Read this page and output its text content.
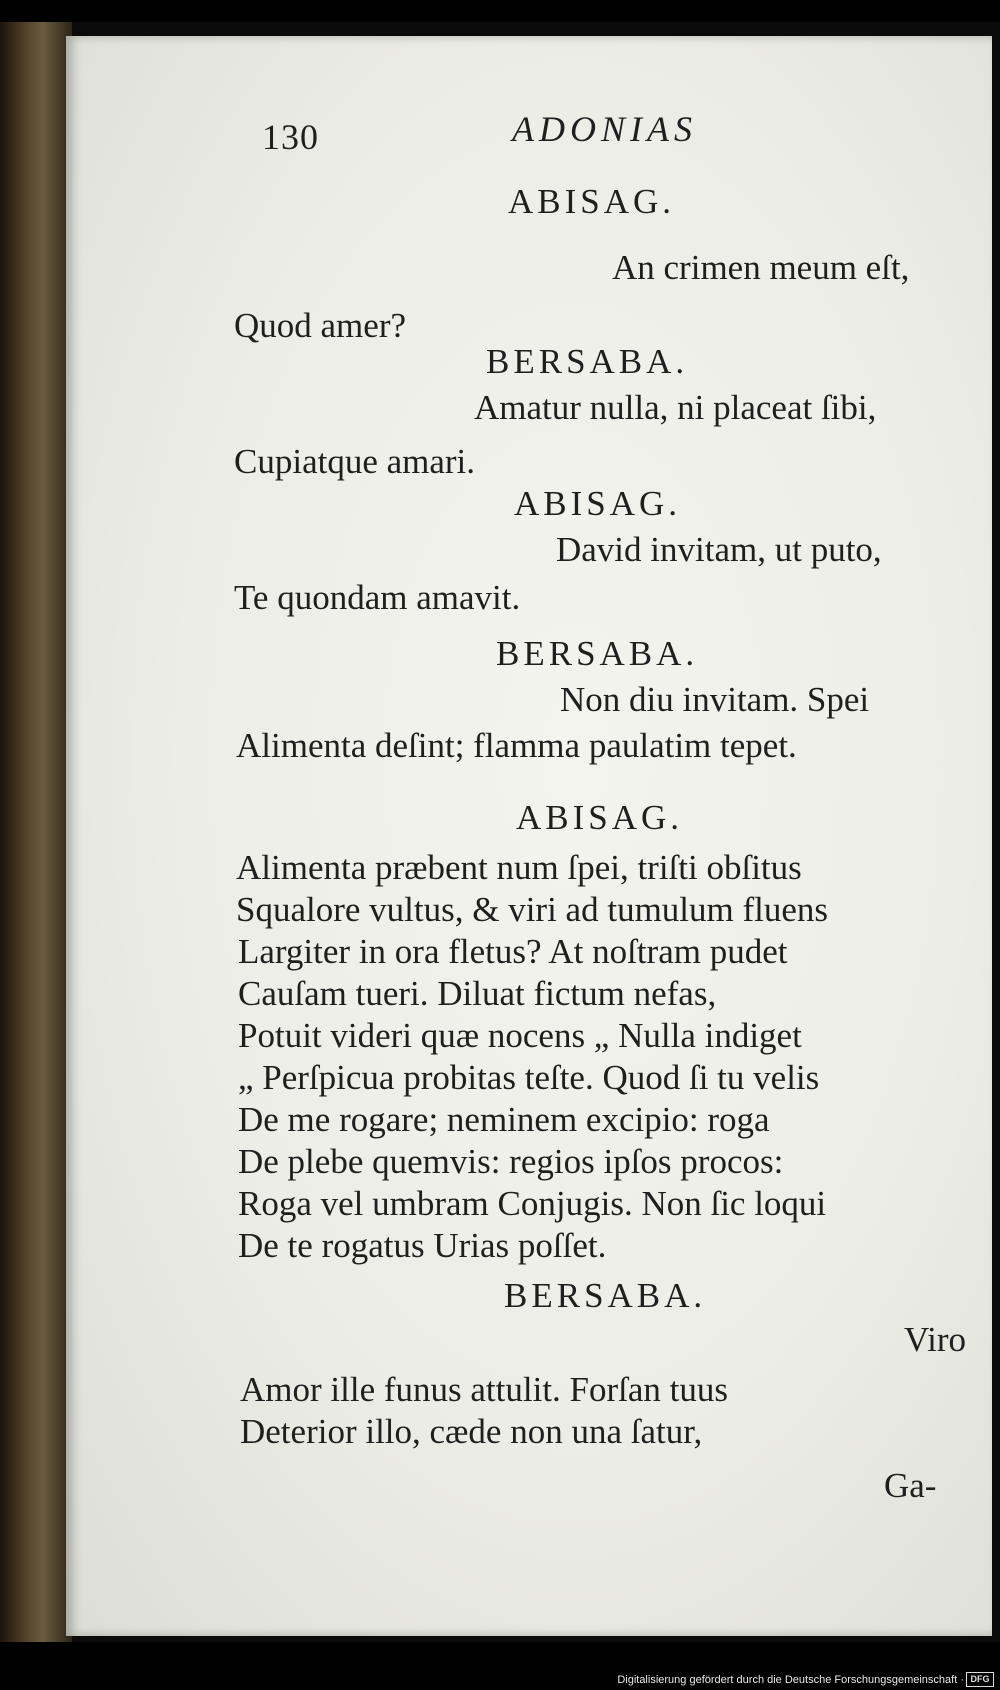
130	ADONIAS
ABISAG.
An crimen meum eſt,
Quod amer?
BERSABA.
Amatur nulla, ni placeat ſibi,
Cupiatque amari.
ABISAG.
David invitam, ut puto,
Te quondam amavit.
BERSABA.
Non diu invitam. Spei
Alimenta deſint; flamma paulatim tepet.
ABISAG.
Alimenta præbent num ſpei, triſti obſitus
Squalore vultus, & viri ad tumulum fluens
Largiter in ora fletus? At noſtram pudet
Cauſam tueri. Diluat fictum nefas,
Potuit videri quæ nocens „ Nulla indiget
„ Perſpicua probitas teſte. Quod ſi tu velis
De me rogare; neminem excipio: roga
De plebe quemvis: regios ipſos procos:
Roga vel umbram Conjugis. Non ſic loqui
De te rogatus Urias poſſet.
BERSABA.
Viro
Amor ille funus attulit. Forſan tuus
Deterior illo, cæde non una ſatur,
Ga-
Digitalisierung gefördert durch die Deutsche Forschungsgemeinschaft · DFG
